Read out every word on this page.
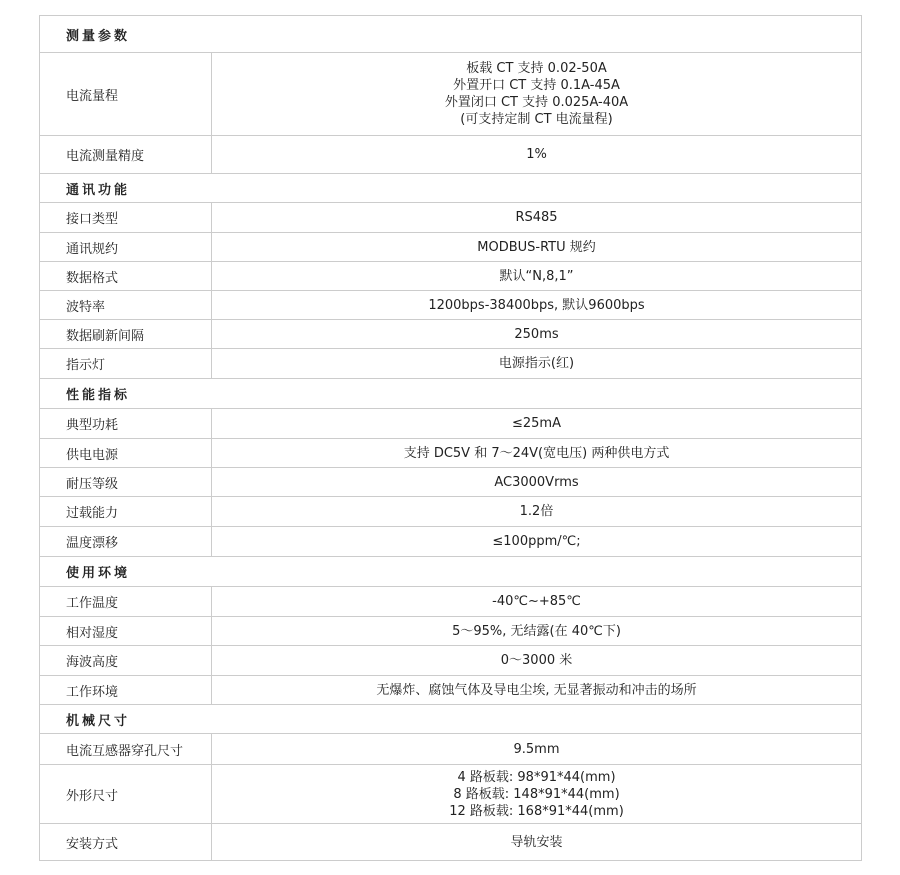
测量参数	
电流量程	板载 CT 支持 0.02-50A
外置开口 CT 支持 0.1A-45A
外置闭口 CT 支持 0.025A-40A
(可支持定制 CT 电流量程)

电流测量精度	1%
通讯功能	
接口类型	RS485
通讯规约	MODBUS-RTU 规约
数据格式	默认“N,8,1”
波特率	1200bps-38400bps, 默认9600bps
数据刷新间隔	250ms
指示灯	电源指示(红)
性能指标	
典型功耗	≤25mA
供电电源	支持 DC5V 和 7～24V(宽电压) 两种供电方式
耐压等级	AC3000Vrms
过载能力	1.2倍
温度漂移	≤100ppm/℃;
使用环境	
工作温度	-40℃~+85℃
相对湿度	5～95%, 无结露(在 40℃下)
海波高度	0～3000 米
工作环境	无爆炸、腐蚀气体及导电尘埃, 无显著振动和冲击的场所
机械尺寸	
电流互感器穿孔尺寸	9.5mm
外形尺寸	4 路板载: 98*91*44(mm)
8 路板载: 148*91*44(mm)
12 路板载: 168*91*44(mm)

安装方式	导轨安装
